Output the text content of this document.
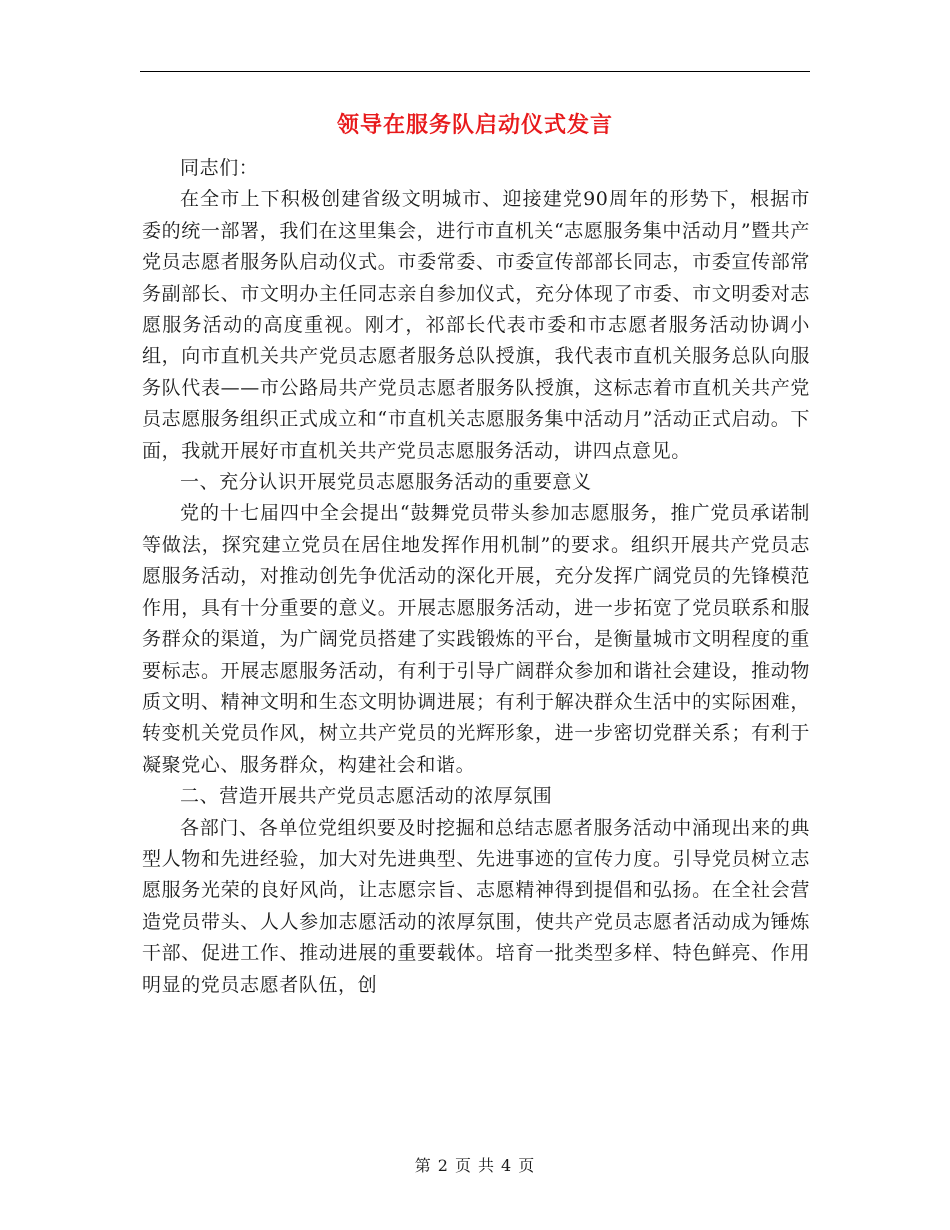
领导在服务队启动仪式发言

同志们：

在全市上下积极创建省级文明城市、迎接建党90周年的形势下，根据市委的统一部署，我们在这里集会，进行市直机关“志愿服务集中活动月”暨共产党员志愿者服务队启动仪式。市委常委、市委宣传部部长同志，市委宣传部常务副部长、市文明办主任同志亲自参加仪式，充分体现了市委、市文明委对志愿服务活动的高度重视。刚才，祁部长代表市委和市志愿者服务活动协调小组，向市直机关共产党员志愿者服务总队授旗，我代表市直机关服务总队向服务队代表——市公路局共产党员志愿者服务队授旗，这标志着市直机关共产党员志愿服务组织正式成立和“市直机关志愿服务集中活动月”活动正式启动。下面，我就开展好市直机关共产党员志愿服务活动，讲四点意见。

一、充分认识开展党员志愿服务活动的重要意义

党的十七届四中全会提出“鼓舞党员带头参加志愿服务，推广党员承诺制等做法，探究建立党员在居住地发挥作用机制”的要求。组织开展共产党员志愿服务活动，对推动创先争优活动的深化开展，充分发挥广阔党员的先锋模范作用，具有十分重要的意义。开展志愿服务活动，进一步拓宽了党员联系和服务群众的渠道，为广阔党员搭建了实践锻炼的平台，是衡量城市文明程度的重要标志。开展志愿服务活动，有利于引导广阔群众参加和谐社会建设，推动物质文明、精神文明和生态文明协调进展；有利于解决群众生活中的实际困难，转变机关党员作风，树立共产党员的光辉形象，进一步密切党群关系；有利于凝聚党心、服务群众，构建社会和谐。

二、营造开展共产党员志愿活动的浓厚氛围

各部门、各单位党组织要及时挖掘和总结志愿者服务活动中涌现出来的典型人物和先进经验，加大对先进典型、先进事迹的宣传力度。引导党员树立志愿服务光荣的良好风尚，让志愿宗旨、志愿精神得到提倡和弘扬。在全社会营造党员带头、人人参加志愿活动的浓厚氛围，使共产党员志愿者活动成为锤炼干部、促进工作、推动进展的重要载体。培育一批类型多样、特色鲜亮、作用明显的党员志愿者队伍，创

第 2 页 共 4 页
